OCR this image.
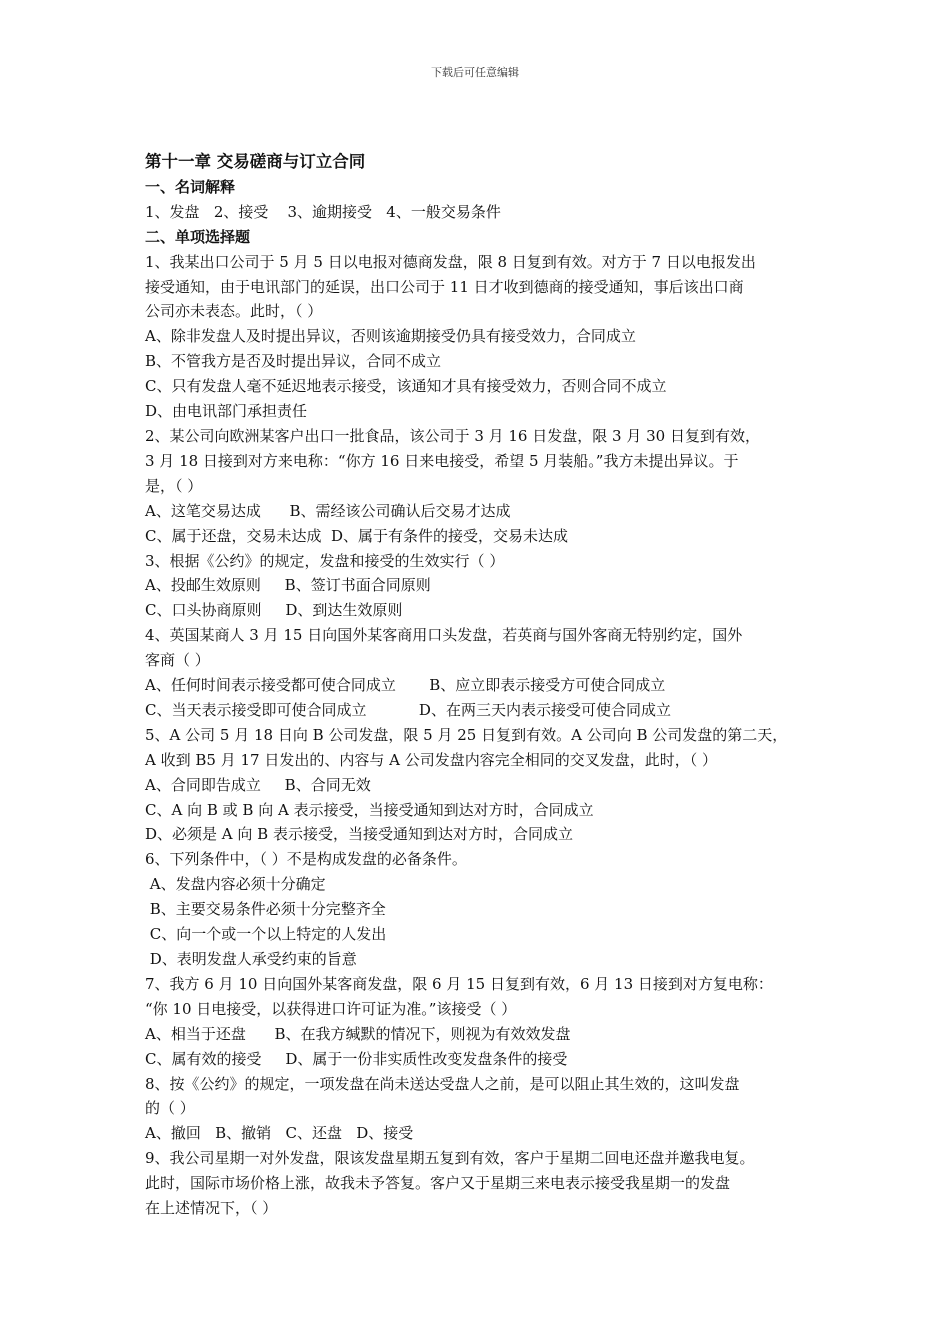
下载后可任意编辑
第十一章 交易磋商与订立合同
一、名词解释
1、发盘   2、接受    3、逾期接受   4、一般交易条件
二、单项选择题
1、我某出口公司于 5 月 5 日以电报对德商发盘，限 8 日复到有效。对方于 7 日以电报发出
接受通知，由于电讯部门的延误，出口公司于 11 日才收到德商的接受通知，事后该出口商
公司亦未表态。此时，（ ）
A、除非发盘人及时提出异议，否则该逾期接受仍具有接受效力，合同成立
B、不管我方是否及时提出异议，合同不成立
C、只有发盘人毫不延迟地表示接受，该通知才具有接受效力，否则合同不成立
D、由电讯部门承担责任
2、某公司向欧洲某客户出口一批食品，该公司于 3 月 16 日发盘，限 3 月 30 日复到有效，
3 月 18 日接到对方来电称：“你方 16 日来电接受，希望 5 月装船。”我方未提出异议。于
是，（ ）
A、这笔交易达成      B、需经该公司确认后交易才达成
C、属于还盘，交易未达成  D、属于有条件的接受，交易未达成
3、根据《公约》的规定，发盘和接受的生效实行（ ）
A、投邮生效原则     B、签订书面合同原则
C、口头协商原则     D、到达生效原则
4、英国某商人 3 月 15 日向国外某客商用口头发盘，若英商与国外客商无特别约定，国外
客商（ ）
A、任何时间表示接受都可使合同成立       B、应立即表示接受方可使合同成立
C、当天表示接受即可使合同成立           D、在两三天内表示接受可使合同成立
5、A 公司 5 月 18 日向 B 公司发盘，限 5 月 25 日复到有效。A 公司向 B 公司发盘的第二天，
A 收到 B5 月 17 日发出的、内容与 A 公司发盘内容完全相同的交叉发盘，此时，（ ）
A、合同即告成立     B、合同无效
C、A 向 B 或 B 向 A 表示接受，当接受通知到达对方时，合同成立
D、必须是 A 向 B 表示接受，当接受通知到达对方时，合同成立
6、下列条件中，（ ）不是构成发盘的必备条件。
A、发盘内容必须十分确定
B、主要交易条件必须十分完整齐全
C、向一个或一个以上特定的人发出
D、表明发盘人承受约束的旨意
7、我方 6 月 10 日向国外某客商发盘，限 6 月 15 日复到有效，6 月 13 日接到对方复电称：
“你 10 日电接受，以获得进口许可证为准。”该接受（ ）
A、相当于还盘      B、在我方缄默的情况下，则视为有效效发盘
C、属有效的接受     D、属于一份非实质性改变发盘条件的接受
8、按《公约》的规定，一项发盘在尚未送达受盘人之前，是可以阻止其生效的，这叫发盘
的（ ）
A、撤回   B、撤销   C、还盘   D、接受
9、我公司星期一对外发盘，限该发盘星期五复到有效，客户于星期二回电还盘并邀我电复。
此时，国际市场价格上涨，故我未予答复。客户又于星期三来电表示接受我星期一的发盘
在上述情况下，（ ）
